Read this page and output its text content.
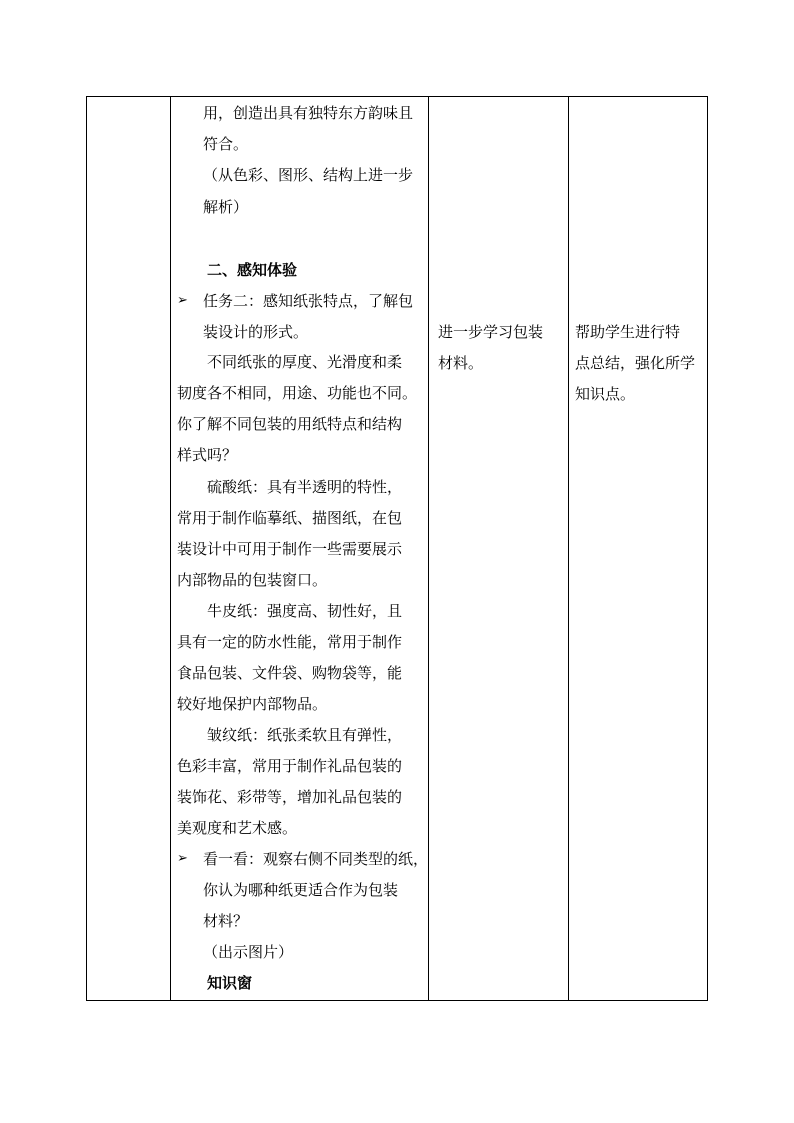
用，创造出具有独特东方韵味且
符合。
（从色彩、图形、结构上进一步
解析）
二、感知体验
➢ 任务二：感知纸张特点，了解包
装设计的形式。
不同纸张的厚度、光滑度和柔
韧度各不相同，用途、功能也不同。
你了解不同包装的用纸特点和结构
样式吗？
硫酸纸：具有半透明的特性，
常用于制作临摹纸、描图纸，在包
装设计中可用于制作一些需要展示
内部物品的包装窗口。
牛皮纸：强度高、韧性好，且
具有一定的防水性能，常用于制作
食品包装、文件袋、购物袋等，能
较好地保护内部物品。
皱纹纸：纸张柔软且有弹性，
色彩丰富，常用于制作礼品包装的
装饰花、彩带等，增加礼品包装的
美观度和艺术感。
➢ 看一看：观察右侧不同类型的纸，
你认为哪种纸更适合作为包装
材料？
（出示图片）
知识窗
进一步学习包装
材料。
帮助学生进行特
点总结，强化所学
知识点。
